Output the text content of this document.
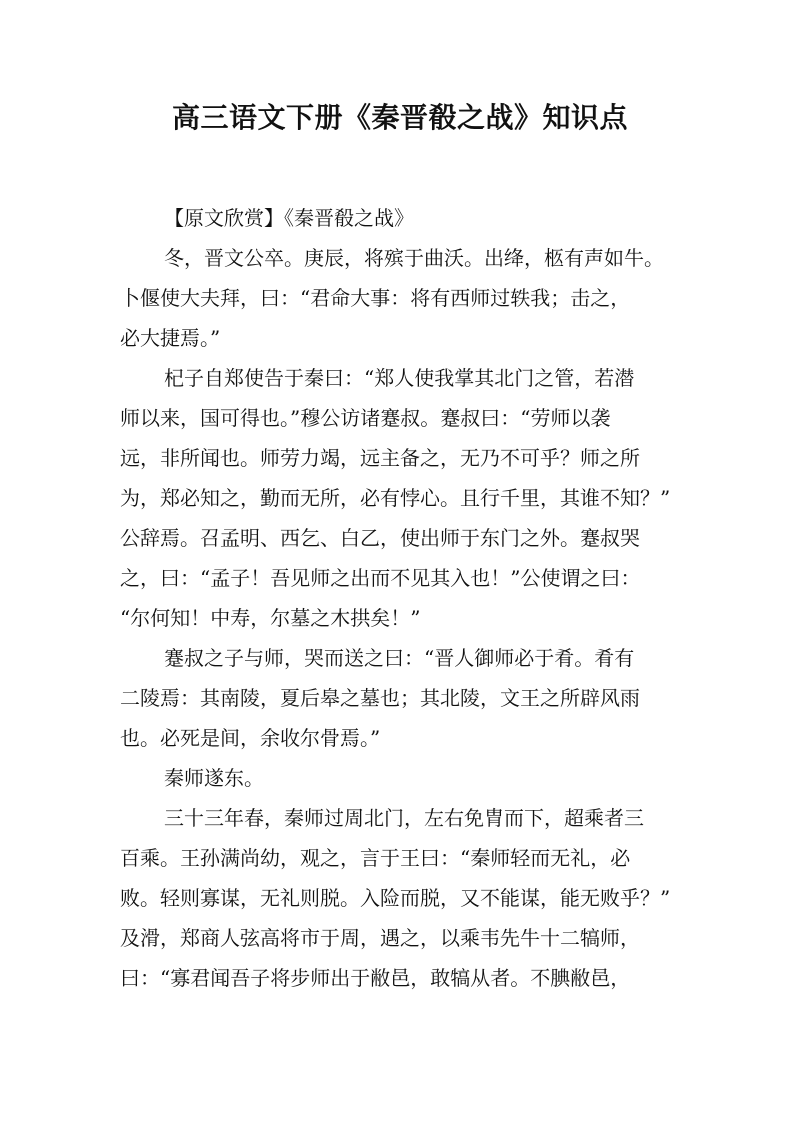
高三语文下册《秦晋殽之战》知识点

【原文欣赏】《秦晋殽之战》

冬，晋文公卒。庚辰，将殡于曲沃。出绛，柩有声如牛。

卜偃使大夫拜，曰：“君命大事：将有西师过轶我；击之，

必大捷焉。”

杞子自郑使告于秦曰：“郑人使我掌其北门之管，若潜

师以来，国可得也。”穆公访诸蹇叔。蹇叔曰：“劳师以袭

远，非所闻也。师劳力竭，远主备之，无乃不可乎？师之所

为，郑必知之，勤而无所，必有悖心。且行千里，其谁不知？”

公辞焉。召孟明、西乞、白乙，使出师于东门之外。蹇叔哭

之，曰：“孟子！吾见师之出而不见其入也！”公使谓之曰：

“尔何知！中寿，尔墓之木拱矣！”

蹇叔之子与师，哭而送之曰：“晋人御师必于肴。肴有

二陵焉：其南陵，夏后皋之墓也；其北陵，文王之所辟风雨

也。必死是间，余收尔骨焉。”

秦师遂东。

三十三年春，秦师过周北门，左右免胄而下，超乘者三

百乘。王孙满尚幼，观之，言于王曰：“秦师轻而无礼，必

败。轻则寡谋，无礼则脱。入险而脱，又不能谋，能无败乎？”

及滑，郑商人弦高将市于周，遇之，以乘韦先牛十二犒师，

曰：“寡君闻吾子将步师出于敝邑，敢犒从者。不腆敝邑，
